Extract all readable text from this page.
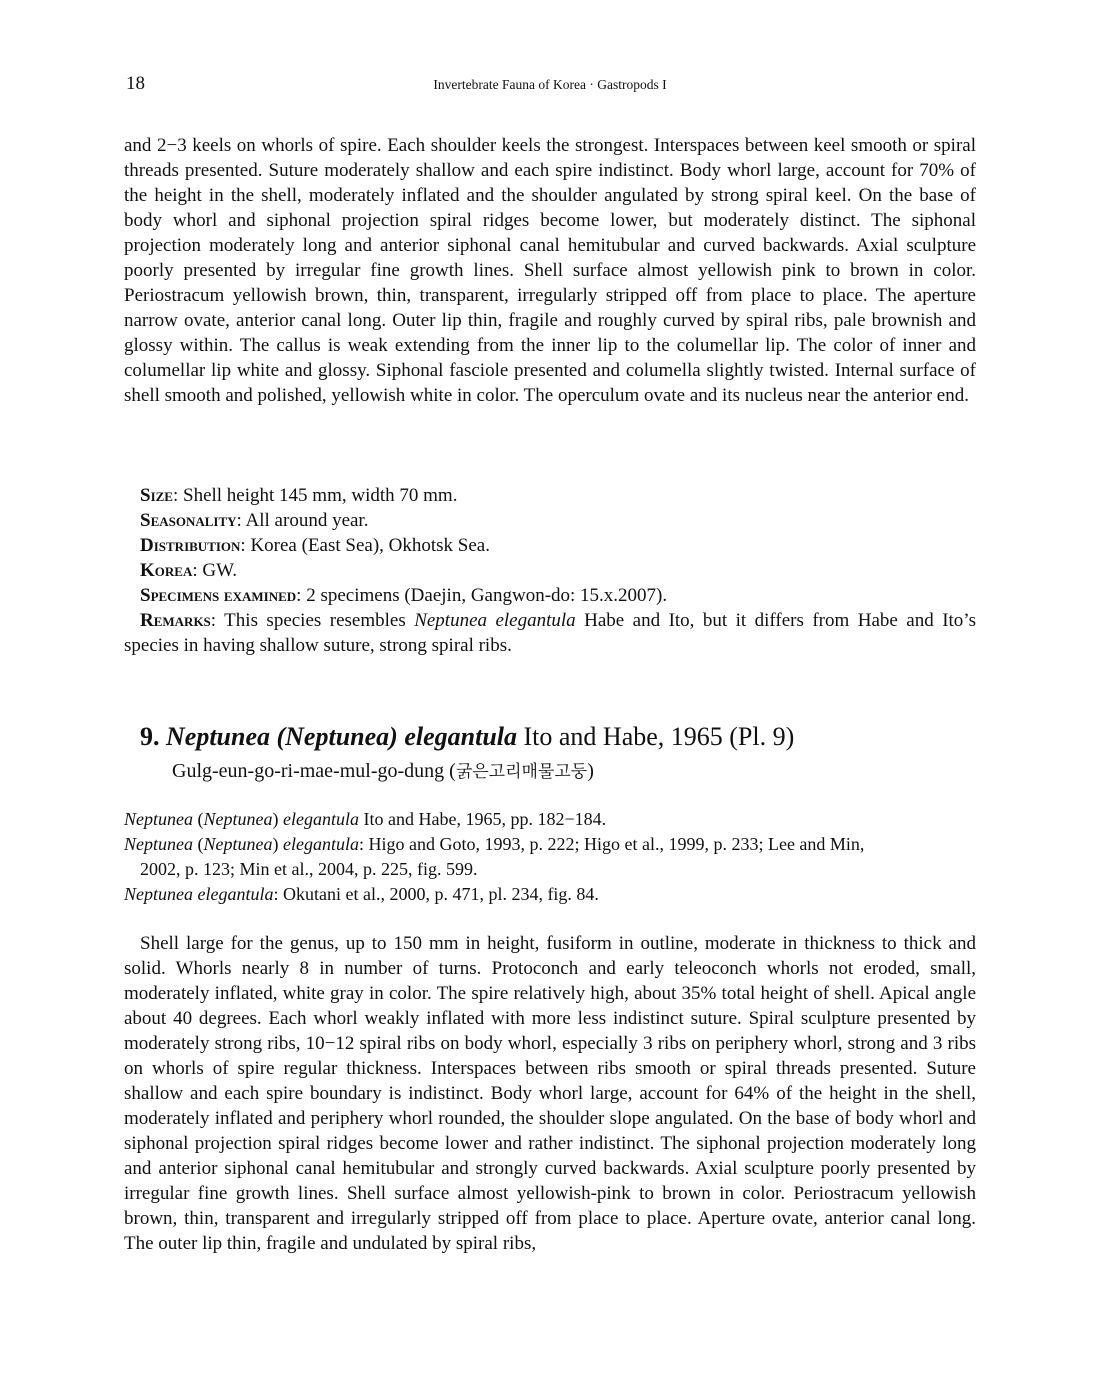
18	Invertebrate Fauna of Korea · Gastropods I

and 2−3 keels on whorls of spire. Each shoulder keels the strongest. Interspaces between keel smooth or spiral threads presented. Suture moderately shallow and each spire indistinct. Body whorl large, account for 70% of the height in the shell, moderately inflated and the shoulder angulated by strong spiral keel. On the base of body whorl and siphonal projection spiral ridges become lower, but moderately distinct. The siphonal projection moderately long and anterior siphonal canal hemitubular and curved backwards. Axial sculpture poorly presented by irregular fine growth lines. Shell surface almost yellowish pink to brown in color. Periostracum yellowish brown, thin, transparent, irregularly stripped off from place to place. The aperture narrow ovate, anterior canal long. Outer lip thin, fragile and roughly curved by spiral ribs, pale brownish and glossy within. The callus is weak extending from the inner lip to the columellar lip. The color of inner and columellar lip white and glossy. Siphonal fasciole presented and columella slightly twisted. Internal surface of shell smooth and polished, yellowish white in color. The operculum ovate and its nucleus near the anterior end.

Size: Shell height 145 mm, width 70 mm.
Seasonality: All around year.
Distribution: Korea (East Sea), Okhotsk Sea.
Korea: GW.
Specimens examined: 2 specimens (Daejin, Gangwon-do: 15.x.2007).

Remarks: This species resembles Neptunea elegantula Habe and Ito, but it differs from Habe and Ito’s species in having shallow suture, strong spiral ribs.

9. Neptunea (Neptunea) elegantula Ito and Habe, 1965 (Pl. 9)
Gulg-eun-go-ri-mae-mul-go-dung (굵은고리매물고둥)
Neptunea (Neptunea) elegantula Ito and Habe, 1965, pp. 182−184.
Neptunea (Neptunea) elegantula: Higo and Goto, 1993, p. 222; Higo et al., 1999, p. 233; Lee and Min,
2002, p. 123; Min et al., 2004, p. 225, fig. 599.
Neptunea elegantula: Okutani et al., 2000, p. 471, pl. 234, fig. 84.

Shell large for the genus, up to 150 mm in height, fusiform in outline, moderate in thickness to thick and solid. Whorls nearly 8 in number of turns. Protoconch and early teleoconch whorls not eroded, small, moderately inflated, white gray in color. The spire relatively high, about 35% total height of shell. Apical angle about 40 degrees. Each whorl weakly inflated with more less indistinct suture. Spiral sculpture presented by moderately strong ribs, 10−12 spiral ribs on body whorl, especially 3 ribs on periphery whorl, strong and 3 ribs on whorls of spire regular thickness. Interspaces between ribs smooth or spiral threads presented. Suture shallow and each spire boundary is indistinct. Body whorl large, account for 64% of the height in the shell, moderately inflated and periphery whorl rounded, the shoulder slope angulated. On the base of body whorl and siphonal projection spiral ridges become lower and rather indistinct. The siphonal projection moderately long and anterior siphonal canal hemitubular and strongly curved backwards. Axial sculpture poorly presented by irregular fine growth lines. Shell surface almost yellowish-pink to brown in color. Periostracum yellowish brown, thin, transparent and irregularly stripped off from place to place. Aperture ovate, anterior canal long. The outer lip thin, fragile and undulated by spiral ribs,
